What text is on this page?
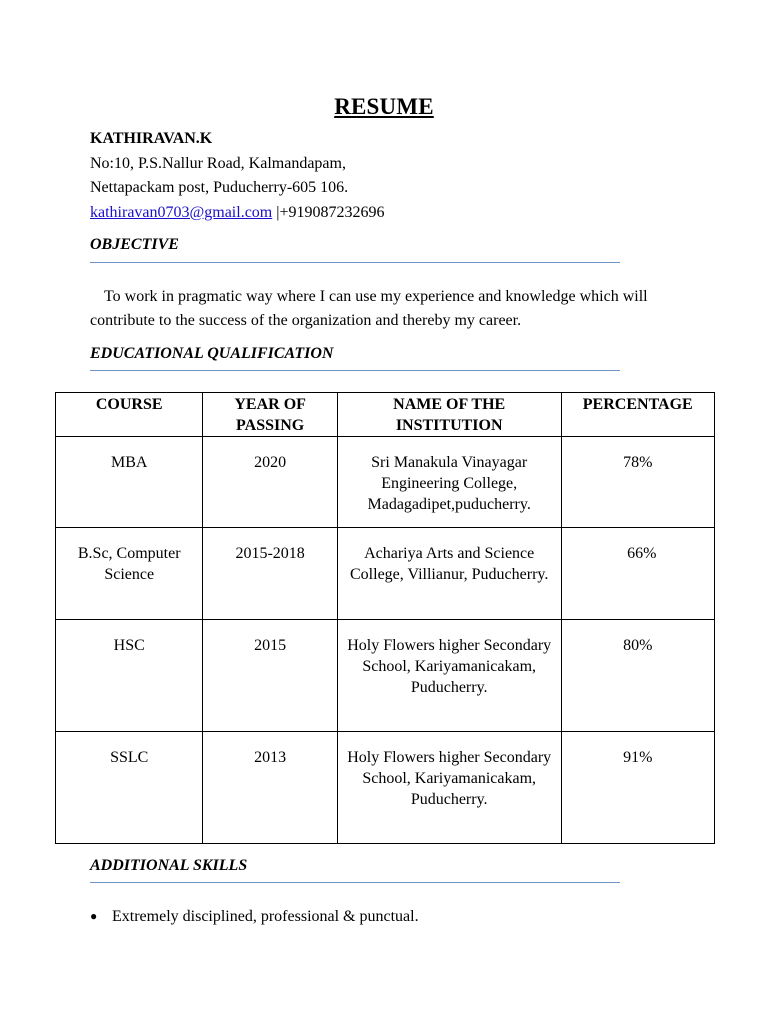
RESUME
KATHIRAVAN.K
No:10, P.S.Nallur Road, Kalmandapam,
Nettapackam post, Puducherry-605 106.
kathiravan0703@gmail.com |+919087232696
OBJECTIVE
To work in pragmatic way where I can use my experience and knowledge which will contribute to the success of the organization and thereby my career.
EDUCATIONAL QUALIFICATION
COURSE	YEAR OF PASSING	NAME OF THE INSTITUTION	PERCENTAGE
MBA	2020	Sri Manakula Vinayagar Engineering College, Madagadipet,puducherry.	78%
B.Sc, Computer Science	2015-2018	Achariya Arts and Science College, Villianur, Puducherry.	66%
HSC	2015	Holy Flowers higher Secondary School, Kariyamanicakam, Puducherry.	80%
SSLC	2013	Holy Flowers higher Secondary School, Kariyamanicakam, Puducherry.	91%
ADDITIONAL SKILLS
● Extremely disciplined, professional & punctual.
